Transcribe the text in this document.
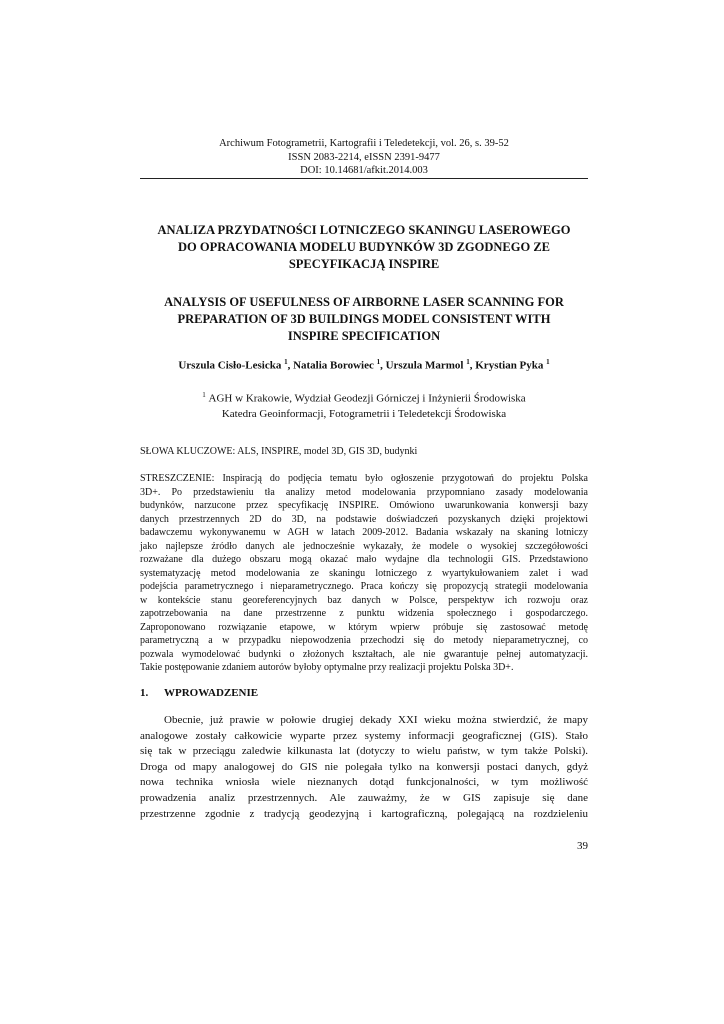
Archiwum Fotogrametrii, Kartografii i Teledetekcji, vol. 26, s. 39-52
ISSN 2083-2214, eISSN 2391-9477
DOI: 10.14681/afkit.2014.003
ANALIZA PRZYDATNOŚCI LOTNICZEGO SKANINGU LASEROWEGO
DO OPRACOWANIA MODELU BUDYNKÓW 3D ZGODNEGO ZE
SPECYFIKACJĄ INSPIRE
ANALYSIS OF USEFULNESS OF AIRBORNE LASER SCANNING FOR
PREPARATION OF 3D BUILDINGS MODEL CONSISTENT WITH
INSPIRE SPECIFICATION
Urszula Cisło-Lesicka $^1$, Natalia Borowiec $^1$, Urszula Marmol $^1$, Krystian Pyka $^1$
$^1$ AGH w Krakowie, Wydział Geodezji Górniczej i Inżynierii Środowiska
Katedra Geoinformacji, Fotogrametrii i Teledetekcji Środowiska
SŁOWA KLUCZOWE: ALS, INSPIRE, model 3D, GIS 3D, budynki
STRESZCZENIE: Inspiracją do podjęcia tematu było ogłoszenie przygotowań do projektu Polska
3D+. Po przedstawieniu tła analizy metod modelowania przypomniano zasady modelowania
budynków, narzucone przez specyfikację INSPIRE. Omówiono uwarunkowania konwersji bazy
danych przestrzennych 2D do 3D, na podstawie doświadczeń pozyskanych dzięki projektowi
badawczemu wykonywanemu w AGH w latach 2009-2012. Badania wskazały na skaning lotniczy
jako najlepsze źródło danych ale jednocześnie wykazały, że modele o wysokiej szczegółowości
rozważane dla dużego obszaru mogą okazać mało wydajne dla technologii GIS. Przedstawiono
systematyzację metod modelowania ze skaningu lotniczego z wyartykułowaniem zalet i wad
podejścia parametrycznego i nieparametrycznego. Praca kończy się propozycją strategii modelowania
w kontekście stanu georeferencyjnych baz danych w Polsce, perspektyw ich rozwoju oraz
zapotrzebowania na dane przestrzenne z punktu widzenia społecznego i gospodarczego.
Zaproponowano rozwiązanie etapowe, w którym wpierw próbuje się zastosować metodę
parametryczną a w przypadku niepowodzenia przechodzi się do metody nieparametrycznej, co
pozwala wymodelować budynki o złożonych kształtach, ale nie gwarantuje pełnej automatyzacji.
Takie postępowanie zdaniem autorów byłoby optymalne przy realizacji projektu Polska 3D+.
1. WPROWADZENIE
Obecnie, już prawie w połowie drugiej dekady XXI wieku można stwierdzić, że mapy
analogowe zostały całkowicie wyparte przez systemy informacji geograficznej (GIS). Stało
się tak w przeciągu zaledwie kilkunasta lat (dotyczy to wielu państw, w tym także Polski).
Droga od mapy analogowej do GIS nie polegała tylko na konwersji postaci danych, gdyż
nowa technika wniosła wiele nieznanych dotąd funkcjonalności, w tym możliwość
prowadzenia analiz przestrzennych. Ale zauważmy, że w GIS zapisuje się dane
przestrzenne zgodnie z tradycją geodezyjną i kartograficzną, polegającą na rozdzieleniu
39
